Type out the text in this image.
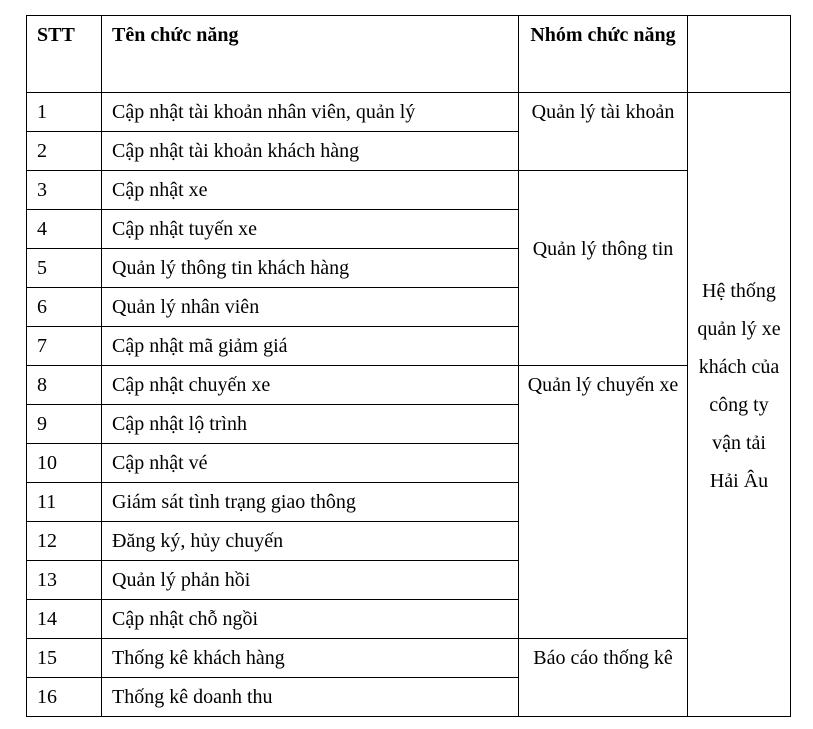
STT	Tên chức năng	Nhóm chức năng	
1	Cập nhật tài khoản nhân viên, quản lý	Quản lý tài khoản	Hệ thống quản lý xe khách của công ty vận tải Hải Âu

2	Cập nhật tài khoản khách hàng		
3	Cập nhật xe	Quản lý thông tin	

4	Cập nhật tuyến xe		
5	Quản lý thông tin khách hàng		
6	Quản lý nhân viên		
7	Cập nhật mã giảm giá		
8	Cập nhật chuyến xe	Quản lý chuyến xe	
9	Cập nhật lộ trình		
10	Cập nhật vé		
11	Giám sát tình trạng giao thông		
12	Đăng ký, hủy chuyến		
13	Quản lý phản hồi		
14	Cập nhật chỗ ngồi		
15	Thống kê khách hàng	Báo cáo thống kê	
16	Thống kê doanh thu		
